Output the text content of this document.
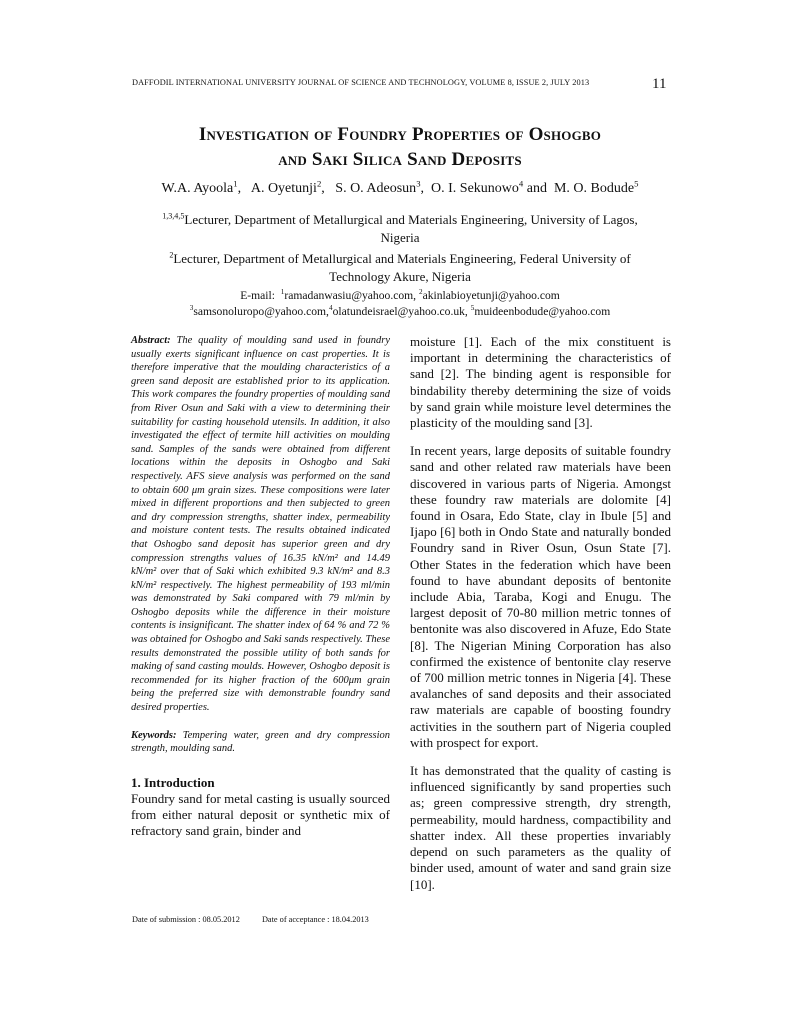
DAFFODIL INTERNATIONAL UNIVERSITY JOURNAL OF SCIENCE AND TECHNOLOGY, VOLUME 8, ISSUE 2, JULY 2013	11
Investigation of Foundry Properties of Oshogbo
and Saki Silica Sand Deposits
W.A. Ayoola$^1$,   A. Oyetunji$^2$,   S. O. Adeosun$^3$,  O. I. Sekunowo$^4$ and  M. O. Bodude$^5$
$^{1,3,4,5}$Lecturer, Department of Metallurgical and Materials Engineering, University of Lagos, Nigeria
$^2$Lecturer, Department of Metallurgical and Materials Engineering, Federal University of Technology Akure, Nigeria
E-mail: $^1$ramadanwasiu@yahoo.com, $^2$akinlabioyetunji@yahoo.com
$^3$samsonoluropo@yahoo.com,$^4$olatundeisrael@yahoo.co.uk, $^5$muideenbodude@yahoo.com

Abstract: The quality of moulding sand used in foundry usually exerts significant influence on cast properties. It is therefore imperative that the moulding characteristics of a green sand deposit are established prior to its application. This work compares the foundry properties of moulding sand from River Osun and Saki with a view to determining their suitability for casting household utensils. In addition, it also investigated the effect of termite hill activities on moulding sand. Samples of the sands were obtained from different locations within the deposits in Oshogbo and Saki respectively. AFS sieve analysis was performed on the sand to obtain 600 μm grain sizes. These compositions were later mixed in different proportions and then subjected to green and dry compression strengths, shatter index, permeability and moisture content tests. The results obtained indicated that Oshogbo sand deposit has superior green and dry compression strengths values of 16.35 kN/m² and 14.49 kN/m² over that of Saki which exhibited 9.3 kN/m² and 8.3 kN/m² respectively. The highest permeability of 193 ml/min was demonstrated by Saki compared with 79 ml/min by Oshogbo deposits while the difference in their moisture contents is insignificant. The shatter index of 64 % and 72 % was obtained for Oshogbo and Saki sands respectively. These results demonstrated the possible utility of both sands for making of sand casting moulds. However, Oshogbo deposit is recommended for its higher fraction of the 600μm grain being the preferred size with demonstrable foundry sand desired properties.

Keywords: Tempering water, green and dry compression strength, moulding sand.

1. Introduction

Foundry sand for metal casting is usually sourced from either natural deposit or synthetic mix of refractory sand grain, binder and

moisture [1]. Each of the mix constituent is important in determining the characteristics of sand [2]. The binding agent is responsible for bindability thereby determining the size of voids by sand grain while moisture level determines the plasticity of the moulding sand [3].

In recent years, large deposits of suitable foundry sand and other related raw materials have been discovered in various parts of Nigeria. Amongst these foundry raw materials are dolomite [4] found in Osara, Edo State, clay in Ibule [5] and Ijapo [6] both in Ondo State and naturally bonded Foundry sand in River Osun, Osun State [7]. Other States in the federation which have been found to have abundant deposits of bentonite include Abia, Taraba, Kogi and Enugu. The largest deposit of 70-80 million metric tonnes of bentonite was also discovered in Afuze, Edo State [8]. The Nigerian Mining Corporation has also confirmed the existence of bentonite clay reserve of 700 million metric tonnes in Nigeria [4]. These avalanches of sand deposits and their associated raw materials are capable of boosting foundry activities in the southern part of Nigeria coupled with prospect for export.

It has demonstrated that the quality of casting is influenced significantly by sand properties such as; green compressive strength, dry strength, permeability, mould hardness, compactibility and shatter index. All these properties invariably depend on such parameters as the quality of binder used, amount of water and sand grain size [10].

Date of submission : 08.05.2012	Date of acceptance : 18.04.2013
